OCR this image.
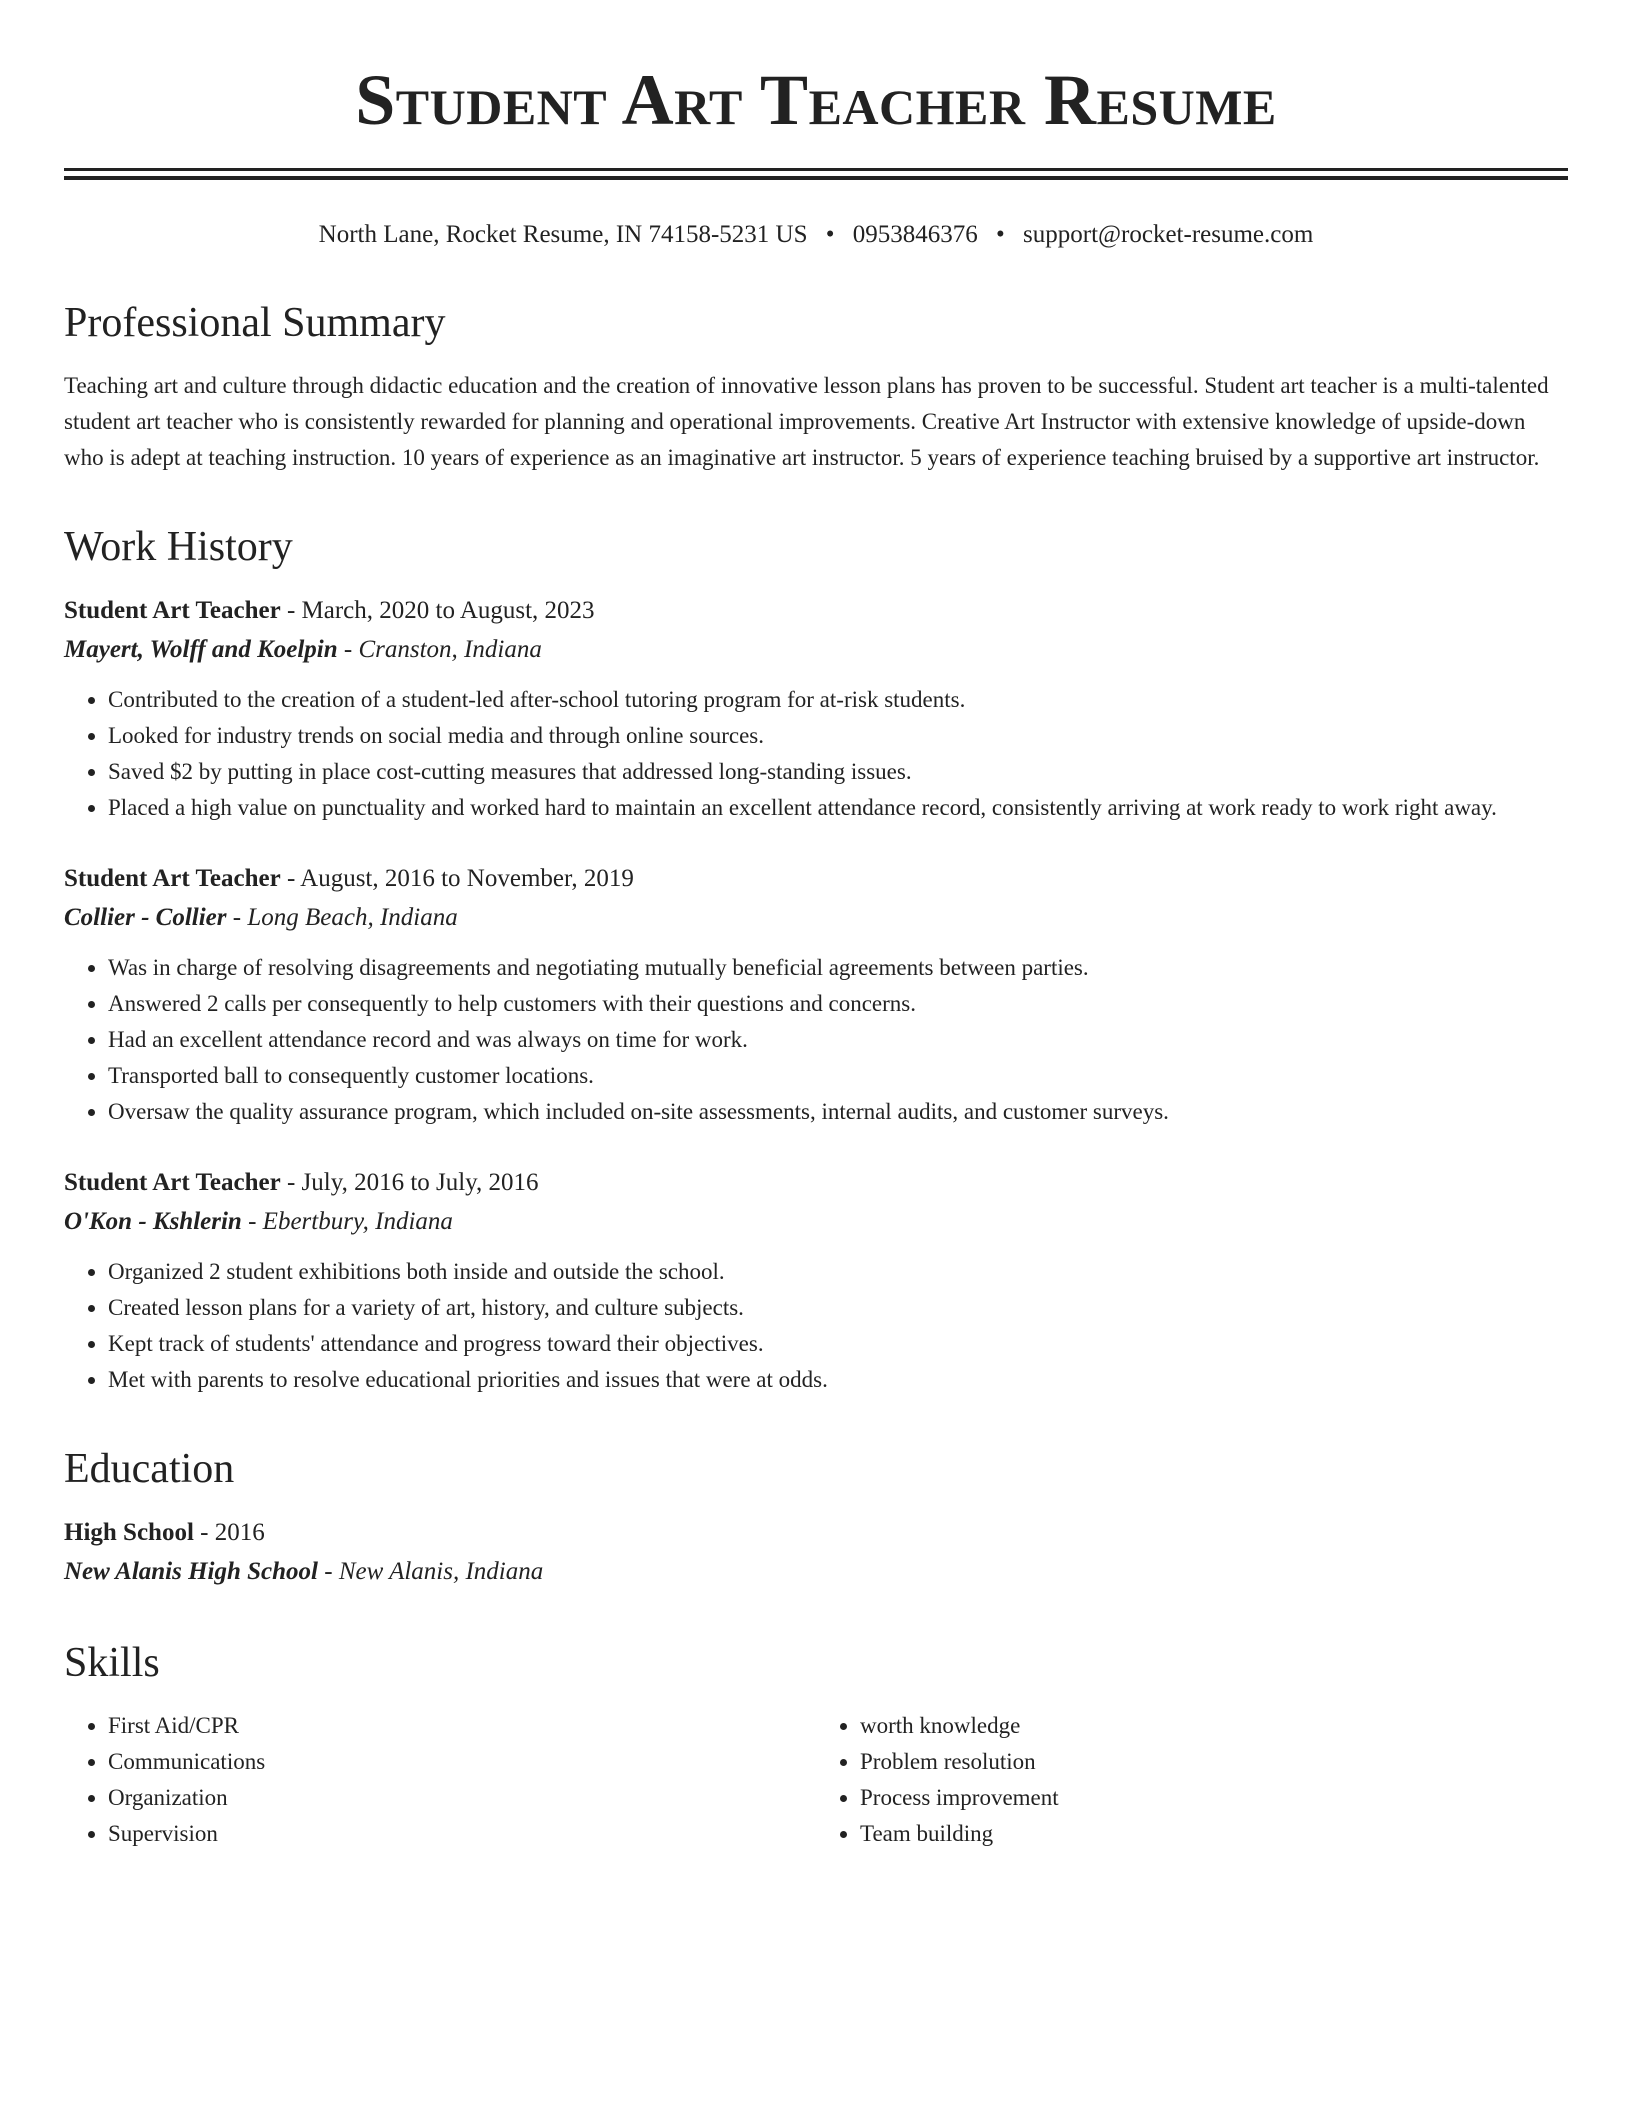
Student Art Teacher Resume
North Lane, Rocket Resume, IN 74158-5231 US • 0953846376 • support@rocket-resume.com
Professional Summary
Teaching art and culture through didactic education and the creation of innovative lesson plans has proven to be successful. Student art teacher is a multi-talented student art teacher who is consistently rewarded for planning and operational improvements. Creative Art Instructor with extensive knowledge of upside-down who is adept at teaching instruction. 10 years of experience as an imaginative art instructor. 5 years of experience teaching bruised by a supportive art instructor.
Work History
Student Art Teacher - March, 2020 to August, 2023
Mayert, Wolff and Koelpin - Cranston, Indiana
• Contributed to the creation of a student-led after-school tutoring program for at-risk students.
• Looked for industry trends on social media and through online sources.
• Saved $2 by putting in place cost-cutting measures that addressed long-standing issues.
• Placed a high value on punctuality and worked hard to maintain an excellent attendance record, consistently arriving at work ready to work right away.
Student Art Teacher - August, 2016 to November, 2019
Collier - Collier - Long Beach, Indiana
• Was in charge of resolving disagreements and negotiating mutually beneficial agreements between parties.
• Answered 2 calls per consequently to help customers with their questions and concerns.
• Had an excellent attendance record and was always on time for work.
• Transported ball to consequently customer locations.
• Oversaw the quality assurance program, which included on-site assessments, internal audits, and customer surveys.
Student Art Teacher - July, 2016 to July, 2016
O'Kon - Kshlerin - Ebertbury, Indiana
• Organized 2 student exhibitions both inside and outside the school.
• Created lesson plans for a variety of art, history, and culture subjects.
• Kept track of students' attendance and progress toward their objectives.
• Met with parents to resolve educational priorities and issues that were at odds.
Education
High School - 2016
New Alanis High School - New Alanis, Indiana
Skills
• First Aid/CPR
• Communications
• Organization
• Supervision
• worth knowledge
• Problem resolution
• Process improvement
• Team building
